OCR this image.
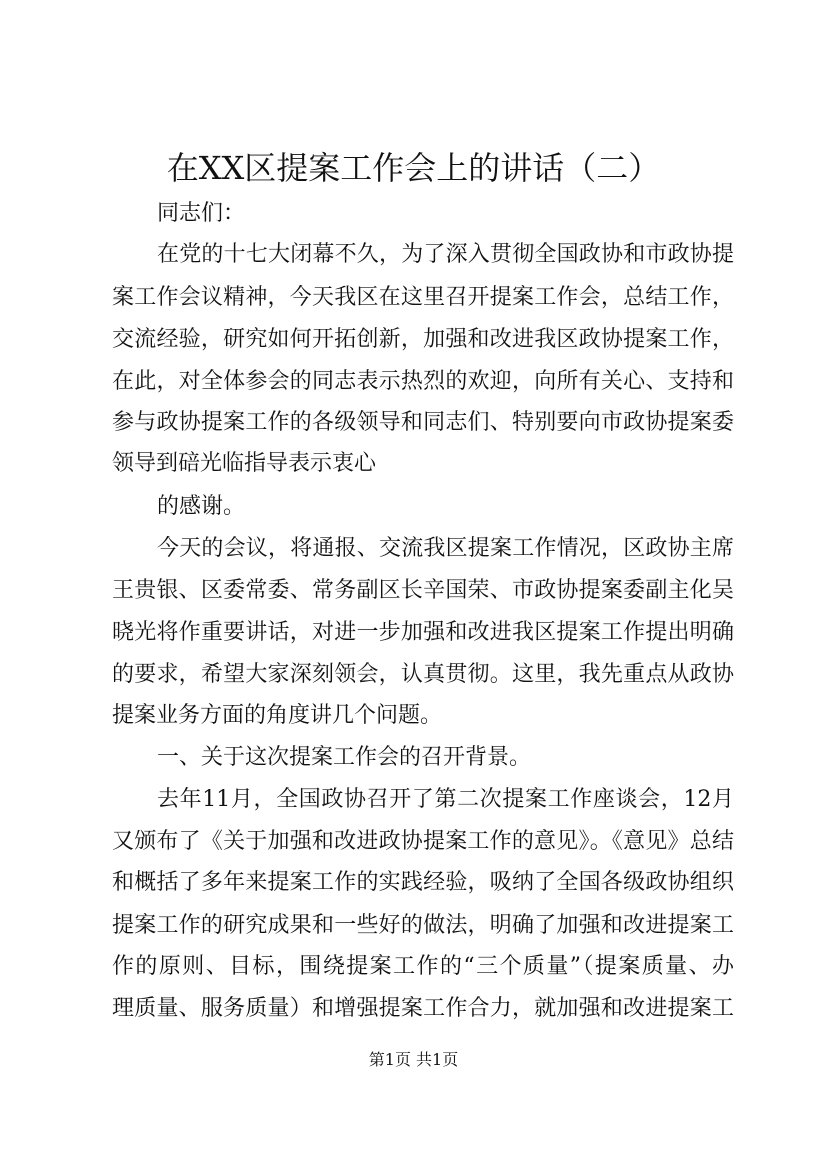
在XX区提案工作会上的讲话（二）

同志们：

在党的十七大闭幕不久，为了深入贯彻全国政协和市政协提

案工作会议精神，今天我区在这里召开提案工作会，总结工作，

交流经验，研究如何开拓创新，加强和改进我区政协提案工作，

在此，对全体参会的同志表示热烈的欢迎，向所有关心、支持和

参与政协提案工作的各级领导和同志们、特别要向市政协提案委

领导到碚光临指导表示衷心

的感谢。

今天的会议，将通报、交流我区提案工作情况，区政协主席

王贵银、区委常委、常务副区长辛国荣、市政协提案委副主化吴

晓光将作重要讲话，对进一步加强和改进我区提案工作提出明确

的要求，希望大家深刻领会，认真贯彻。这里，我先重点从政协

提案业务方面的角度讲几个问题。

一、关于这次提案工作会的召开背景。

去年11月，全国政协召开了第二次提案工作座谈会，12月

又颁布了《关于加强和改进政协提案工作的意见》。《意见》总结

和概括了多年来提案工作的实践经验，吸纳了全国各级政协组织

提案工作的研究成果和一些好的做法，明确了加强和改进提案工

作的原则、目标，围绕提案工作的“三个质量”（提案质量、办

理质量、服务质量）和增强提案工作合力，就加强和改进提案工

第1页 共1页
